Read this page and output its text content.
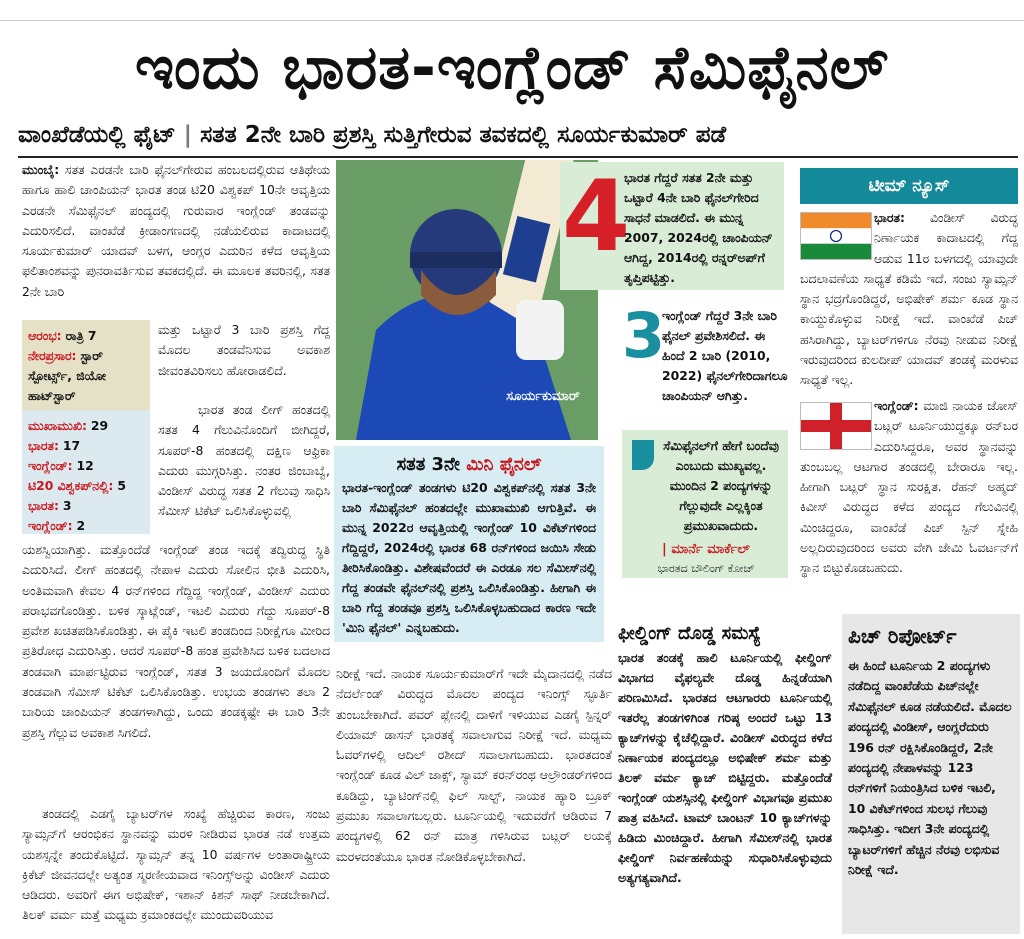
ಇಂದು ಭಾರತ-ಇಂಗ್ಲೆಂಡ್ ಸೆಮಿಫೈನಲ್
ವಾಂಖೆಡೆಯಲ್ಲಿ ಫೈಟ್ | ಸತತ 2ನೇ ಬಾರಿ ಪ್ರಶಸ್ತಿ ಸುತ್ತಿಗೇರುವ ತವಕದಲ್ಲಿ ಸೂರ್ಯಕುಮಾರ್ ಪಡೆ
ಮುಂಬೈ: ಸತತ ಎರಡನೇ ಬಾರಿ ಫೈನಲ್‌ಗೇರುವ ಹಂಬಲದಲ್ಲಿರುವ ಆತಿಥೇಯ ಹಾಗೂ ಹಾಲಿ ಚಾಂಪಿಯನ್ ಭಾರತ ತಂಡ ಟಿ20 ವಿಶ್ವಕಪ್ 10ನೇ ಆವೃತ್ತಿಯ ಎರಡನೇ ಸೆಮಿಫೈನಲ್ ಪಂದ್ಯದಲ್ಲಿ ಗುರುವಾರ ಇಂಗ್ಲೆಂಡ್ ತಂಡವನ್ನು ಎದುರಿಸಲಿದೆ. ವಾಂಖೆಡೆ ಕ್ರೀಡಾಂಗಣದಲ್ಲಿ ನಡೆಯಲಿರುವ ಕಾದಾಟದಲ್ಲಿ ಸೂರ್ಯಕುಮಾರ್ ಯಾದವ್ ಬಳಗ, ಆಂಗ್ಲರ ಎದುರಿನ ಕಳೆದ ಆವೃತ್ತಿಯ ಫಲಿತಾಂಶವನ್ನು ಪುನರಾವರ್ತಿಸುವ ತವಕದಲ್ಲಿದೆ. ಈ ಮೂಲಕ ತವರಿನಲ್ಲಿ, ಸತತ 2ನೇ ಬಾರಿ
ಆರಂಭ: ರಾತ್ರಿ 7
ನೇರಪ್ರಸಾರ: ಸ್ಟಾರ್ ಸ್ಪೋರ್ಟ್ಸ್, ಜಿಯೋ ಹಾಟ್‌ಸ್ಟಾರ್
ಮುಖಾಮುಖಿ: 29
ಭಾರತ: 17
ಇಂಗ್ಲೆಂಡ್: 12
ಟಿ20 ವಿಶ್ವಕಪ್‌ನಲ್ಲಿ: 5
ಭಾರತ: 3
ಇಂಗ್ಲೆಂಡ್: 2
ಮತ್ತು ಒಟ್ಟಾರೆ 3 ಬಾರಿ ಪ್ರಶಸ್ತಿ ಗೆದ್ದ ಮೊದಲ ತಂಡವೆನಿಸುವ ಅವಕಾಶ ಜೀವಂತವಿರಿಸಲು ಹೋರಾಡಲಿದೆ.
ಭಾರತ ತಂಡ ಲೀಗ್ ಹಂತದಲ್ಲಿ ಸತತ 4 ಗೆಲುವಿನೊಂದಿಗೆ ಬೀಗಿದ್ದರೆ, ಸೂಪರ್-8 ಹಂತದಲ್ಲಿ ದಕ್ಷಿಣ ಆಫ್ರಿಕಾ ಎದುರು ಮುಗ್ಗರಿಸಿತ್ತು. ನಂತರ ಜಿಂಬಾಬ್ವೆ, ವಿಂಡೀಸ್ ವಿರುದ್ಧ ಸತತ 2 ಗೆಲುವು ಸಾಧಿಸಿ ಸೆಮೀಸ್ ಟಿಕೆಟ್ ಒಲಿಸಿಕೊಳ್ಳುವಲ್ಲಿ
ಯಶಸ್ವಿಯಾಗಿತ್ತು. ಮತ್ತೊಂದೆಡೆ ಇಂಗ್ಲೆಂಡ್ ತಂಡ ಇದಕ್ಕೆ ತದ್ವಿರುದ್ಧ ಸ್ಥಿತಿ ಎದುರಿಸಿದೆ. ಲೀಗ್ ಹಂತದಲ್ಲಿ ನೇಪಾಳ ಎದುರು ಸೋಲಿನ ಭೀತಿ ಎದುರಿಸಿ, ಅಂತಿಮವಾಗಿ ಕೇವಲ 4 ರನ್‌ಗಳಿಂದ ಗೆದ್ದಿದ್ದ ಇಂಗ್ಲೆಂಡ್, ವಿಂಡೀಸ್ ಎದುರು ಪರಾಭವಗೊಂಡಿತ್ತು. ಬಳಿಕ ಸ್ಕಾಟ್ಲೆಂಡ್, ಇಟಲಿ ಎದುರು ಗೆದ್ದು ಸೂಪರ್-8 ಪ್ರವೇಶ ಖಚಿತಪಡಿಸಿಕೊಂಡಿತ್ತು. ಈ ಪೈಕಿ ಇಟಲಿ ತಂಡದಿಂದ ನಿರೀಕ್ಷೆಗೂ ಮೀರಿದ ಪ್ರತಿರೋಧ ಎದುರಿಸಿತ್ತು. ಆದರೆ ಸೂಪರ್-8 ಹಂತ ಪ್ರವೇಶಿಸಿದ ಬಳಿಕ ಬದಲಾದ ತಂಡವಾಗಿ ಮಾರ್ಪಟ್ಟಿರುವ ಇಂಗ್ಲೆಂಡ್, ಸತತ 3 ಜಯದೊಂದಿಗೆ ಮೊದಲ ತಂಡವಾಗಿ ಸೆಮೀಸ್ ಟಿಕೆಟ್ ಒಲಿಸಿಕೊಂಡಿತ್ತು. ಉಭಯ ತಂಡಗಳು ತಲಾ 2 ಬಾರಿಯ ಚಾಂಪಿಯನ್ ತಂಡಗಳಾಗಿದ್ದು, ಒಂದು ತಂಡಕ್ಕಷ್ಟೇ ಈ ಬಾರಿ 3ನೇ ಪ್ರಶಸ್ತಿ ಗೆಲ್ಲುವ ಅವಕಾಶ ಸಿಗಲಿದೆ.
ತಂಡದಲ್ಲಿ ಎಡಗೈ ಬ್ಯಾಟರ್‌ಗಳ ಸಂಖ್ಯೆ ಹೆಚ್ಚಿರುವ ಕಾರಣ, ಸಂಜು ಸ್ಯಾಮ್ಸನ್‌ಗೆ ಆರಂಭಿಕನ ಸ್ಥಾನವನ್ನು ಮರಳಿ ನೀಡಿರುವ ಭಾರತ ನಡೆ ಉತ್ತಮ ಯಶಸ್ಸನ್ನೇ ತಂದುಕೊಟ್ಟಿದೆ. ಸ್ಯಾಮ್ಸನ್ ತನ್ನ 10 ವರ್ಷಗಳ ಅಂತಾರಾಷ್ಟ್ರೀಯ ಕ್ರಿಕೆಟ್ ಜೀವನದಲ್ಲೇ ಅತ್ಯಂತ ಸ್ಮರಣೀಯವಾದ ಇನಿಂಗ್ಸ್‌ಅನ್ನು ವಿಂಡೀಸ್ ಎದುರು ಆಡಿದರು. ಅವರಿಗೆ ಈಗ ಅಭಿಷೇಕ್, ಇಶಾನ್ ಕಿಶನ್ ಸಾಥ್ ನೀಡಬೇಕಾಗಿದೆ. ತಿಲಕ್ ವರ್ಮ ಮತ್ತೆ ಮಧ್ಯಮ ಕ್ರಮಾಂಕದಲ್ಲೇ ಮುಂದುವರಿಯುವ
ನಿರೀಕ್ಷೆ ಇದೆ. ನಾಯಕ ಸೂರ್ಯಕುಮಾರ್‌ಗೆ ಇದೇ ಮೈದಾನದಲ್ಲಿ ನಡೆದ ನೆದರ್ಲೆಂಡ್ ವಿರುದ್ಧದ ಮೊದಲ ಪಂದ್ಯದ ಇನಿಂಗ್ಸ್ ಸ್ಫೂರ್ತಿ ತುಂಬಬೇಕಾಗಿದೆ. ಪವರ್ ಪ್ಲೇನಲ್ಲಿ ದಾಳಿಗೆ ಇಳಿಯುವ ಎಡಗೈ ಸ್ಪಿನ್ನರ್ ಲಿಯಾಮ್ ಡಾಸನ್ ಭಾರತಕ್ಕೆ ಸವಾಲಾಗುವ ನಿರೀಕ್ಷೆ ಇದೆ. ಮಧ್ಯಮ ಓವರ್‌ಗಳಲ್ಲಿ ಆದಿಲ್ ರಶೀದ್ ಸವಾಲಾಗಬಹುದು. ಭಾರತದಂತೆ ಇಂಗ್ಲೆಂಡ್ ಕೂಡ ವಿಲ್ ಜಾಕ್ಸ್, ಸ್ಯಾಮ್ ಕರನ್‌ರಂಥ ಆಲ್ರೌಂಡರ್‌ಗಳಿಂದ ಕೂಡಿದ್ದು, ಬ್ಯಾಟಿಂಗ್‌ನಲ್ಲಿ ಫಿಲ್ ಸಾಲ್ಟ್, ನಾಯಕ ಹ್ಯಾರಿ ಬ್ರೂಕ್ ಪ್ರಮುಖ ಸವಾಲಾಗಬಲ್ಲರು. ಟೂರ್ನಿಯಲ್ಲಿ ಇದುವರೆಗೆ ಆಡಿರುವ 7 ಪಂದ್ಯಗಳಲ್ಲಿ 62 ರನ್ ಮಾತ್ರ ಗಳಿಸಿರುವ ಬಟ್ಲರ್ ಲಯಕ್ಕೆ ಮರಳದಂತೆಯೂ ಭಾರತ ನೋಡಿಕೊಳ್ಳಬೇಕಾಗಿದೆ.
ಸೂರ್ಯಕುಮಾರ್
4
ಭಾರತ ಗೆದ್ದರೆ ಸತತ 2ನೇ ಮತ್ತು ಒಟ್ಟಾರೆ 4ನೇ ಬಾರಿ ಫೈನಲ್‌ಗೇರಿದ ಸಾಧನೆ ಮಾಡಲಿದೆ. ಈ ಮುನ್ನ 2007, 2024ರಲ್ಲಿ ಚಾಂಪಿಯನ್ ಆಗಿದ್ದ, 2014ರಲ್ಲಿ ರನ್ನರ್‌ಅಪ್‌ಗೆ ತೃಪ್ತಿಪಟ್ಟಿತ್ತು.
3
ಇಂಗ್ಲೆಂಡ್ ಗೆದ್ದರೆ 3ನೇ ಬಾರಿ ಫೈನಲ್ ಪ್ರವೇಶಿಸಲಿದೆ. ಈ ಹಿಂದೆ 2 ಬಾರಿ (2010, 2022) ಫೈನಲ್‌ಗೇರಿದಾಗಲೂ ಚಾಂಪಿಯನ್ ಆಗಿತ್ತು.
ಸೆಮಿಫೈನಲ್‌ಗೆ ಹೇಗೆ ಬಂದೆವು ಎಂಬುದು ಮುಖ್ಯವಲ್ಲ. ಮುಂದಿನ 2 ಪಂದ್ಯಗಳನ್ನು ಗೆಲ್ಲುವುದೇ ಎಲ್ಲಕ್ಕಿಂತ ಪ್ರಮುಖವಾದುದು.
| ಮಾರ್ನೆ ಮಾರ್ಕೆಲ್
ಭಾರತದ ಬೌಲಿಂಗ್ ಕೋಚ್
ಸತತ 3ನೇ ಮಿನಿ ಫೈನಲ್
ಭಾರತ-ಇಂಗ್ಲೆಂಡ್ ತಂಡಗಳು ಟಿ20 ವಿಶ್ವಕಪ್‌ನಲ್ಲಿ ಸತತ 3ನೇ ಬಾರಿ ಸೆಮಿಫೈನಲ್ ಹಂತದಲ್ಲೇ ಮುಖಾಮುಖಿ ಆಗುತ್ತಿವೆ. ಈ ಮುನ್ನ 2022ರ ಆವೃತ್ತಿಯಲ್ಲಿ ಇಂಗ್ಲೆಂಡ್ 10 ವಿಕೆಟ್‌ಗಳಿಂದ ಗೆದ್ದಿದ್ದರೆ, 2024ರಲ್ಲಿ ಭಾರತ 68 ರನ್‌ಗಳಿಂದ ಜಯಿಸಿ ಸೇಡು ತೀರಿಸಿಕೊಂಡಿತ್ತು. ವಿಶೇಷವೆಂದರೆ ಈ ಎರಡೂ ಸಲ ಸೆಮೀಸ್‌ನಲ್ಲಿ ಗೆದ್ದ ತಂಡವೇ ಫೈನಲ್‌ನಲ್ಲಿ ಪ್ರಶಸ್ತಿ ಒಲಿಸಿಕೊಂಡಿತ್ತು. ಹೀಗಾಗಿ ಈ ಬಾರಿ ಗೆದ್ದ ತಂಡವೂ ಪ್ರಶಸ್ತಿ ಒಲಿಸಿಕೊಳ್ಳಬಹುದಾದ ಕಾರಣ ಇದೇ 'ಮಿನಿ ಫೈನಲ್' ಎನ್ನಬಹುದು.
ಟೀಮ್ ನ್ಯೂಸ್
ಭಾರತ: ವಿಂಡೀಸ್ ವಿರುದ್ಧ ನಿರ್ಣಾಯಕ ಕಾದಾಟದಲ್ಲಿ ಗೆದ್ದ ಆಡುವ 11ರ ಬಳಗದಲ್ಲಿ ಯಾವುದೇ ಬದಲಾವಣೆಯ ಸಾಧ್ಯತೆ ಕಡಿಮೆ ಇದೆ. ಸಂಜು ಸ್ಯಾಮ್ಸನ್ ಸ್ಥಾನ ಭದ್ರಗೊಂಡಿದ್ದರೆ, ಅಭಿಷೇಕ್ ಶರ್ಮ ಕೂಡ ಸ್ಥಾನ ಕಾಯ್ದುಕೊಳ್ಳುವ ನಿರೀಕ್ಷೆ ಇದೆ. ವಾಂಖೆಡೆ ಪಿಚ್ ಹಸಿರಾಗಿದ್ದು, ಬ್ಯಾಟರ್‌ಗಳಿಗೂ ನೆರವು ನೀಡುವ ನಿರೀಕ್ಷೆ ಇರುವುದರಿಂದ ಕುಲದೀಪ್ ಯಾದವ್ ತಂಡಕ್ಕೆ ಮರಳುವ ಸಾಧ್ಯತೆ ಇಲ್ಲ.
ಇಂಗ್ಲೆಂಡ್: ಮಾಜಿ ನಾಯಕ ಜೋಸ್ ಬಟ್ಲರ್ ಟೂರ್ನಿಯುದ್ದಕ್ಕೂ ರನ್‌ಬರ ಎದುರಿಸಿದ್ದರೂ, ಅವರ ಸ್ಥಾನವನ್ನು ತುಂಬಬಲ್ಲ ಆಟಗಾರ ತಂಡದಲ್ಲಿ ಬೇರಾರೂ ಇಲ್ಲ. ಹೀಗಾಗಿ ಬಟ್ಲರ್ ಸ್ಥಾನ ಸುರಕ್ಷಿತ. ರೆಹನ್ ಅಹ್ಮದ್ ಕಿವೀಸ್ ವಿರುದ್ಧದ ಕಳೆದ ಪಂದ್ಯದ ಗೆಲುವಿನಲ್ಲಿ ಮಿಂಚಿದ್ದರೂ, ವಾಂಖೆಡೆ ಪಿಚ್ ಸ್ಪಿನ್ ಸ್ನೇಹಿ ಅಲ್ಲದಿರುವುದರಿಂದ ಅವರು ವೇಗಿ ಜೇಮಿ ಓವರ್ಟನ್‌ಗೆ ಸ್ಥಾನ ಬಿಟ್ಟುಕೊಡಬಹುದು.
ಫೀಲ್ಡಿಂಗ್ ದೊಡ್ಡ ಸಮಸ್ಯೆ
ಭಾರತ ತಂಡಕ್ಕೆ ಹಾಲಿ ಟೂರ್ನಿಯಲ್ಲಿ ಫೀಲ್ಡಿಂಗ್ ವಿಭಾಗದ ವೈಫಲ್ಯವೇ ದೊಡ್ಡ ಹಿನ್ನಡೆಯಾಗಿ ಪರಿಣಮಿಸಿದೆ. ಭಾರತದ ಆಟಗಾರರು ಟೂರ್ನಿಯಲ್ಲಿ ಇತರೆಲ್ಲ ತಂಡಗಳಿಗಿಂತ ಗರಿಷ್ಠ ಅಂದರೆ ಒಟ್ಟು 13 ಕ್ಯಾಚ್‌ಗಳನ್ನು ಕೈಚೆಲ್ಲಿದ್ದಾರೆ. ವಿಂಡೀಸ್ ವಿರುದ್ಧದ ಕಳೆದ ನಿರ್ಣಾಯಕ ಪಂದ್ಯದಲ್ಲೂ ಅಭಿಷೇಕ್ ಶರ್ಮ ಮತ್ತು ತಿಲಕ್ ವರ್ಮ ಕ್ಯಾಚ್ ಬಿಟ್ಟಿದ್ದರು. ಮತ್ತೊಂದೆಡೆ ಇಂಗ್ಲೆಂಡ್ ಯಶಸ್ಸಿನಲ್ಲಿ ಫೀಲ್ಡಿಂಗ್ ವಿಭಾಗವೂ ಪ್ರಮುಖ ಪಾತ್ರ ವಹಿಸಿದೆ. ಟಾಮ್ ಬಾಂಟನ್ 10 ಕ್ಯಾಚ್‌ಗಳನ್ನು ಹಿಡಿದು ಮಿಂಚಿದ್ದಾರೆ. ಹೀಗಾಗಿ ಸೆಮೀಸ್‌ನಲ್ಲಿ ಭಾರತ ಫೀಲ್ಡಿಂಗ್ ನಿರ್ವಹಣೆಯನ್ನು ಸುಧಾರಿಸಿಕೊಳ್ಳುವುದು ಅತ್ಯಗತ್ಯವಾಗಿದೆ.
ಪಿಚ್ ರಿಪೋರ್ಟ್
ಈ ಹಿಂದೆ ಟೂರ್ನಿಯ 2 ಪಂದ್ಯಗಳು ನಡೆದಿದ್ದ ವಾಂಖೆಡೆಯ ಪಿಚ್‌ನಲ್ಲೇ ಸೆಮಿಫೈನಲ್ ಕೂಡ ನಡೆಯಲಿದೆ. ಮೊದಲ ಪಂದ್ಯದಲ್ಲಿ ವಿಂಡೀಸ್, ಆಂಗ್ಲರೆದುರು 196 ರನ್ ರಕ್ಷಿಸಿಕೊಂಡಿದ್ದರೆ, 2ನೇ ಪಂದ್ಯದಲ್ಲಿ ನೇಪಾಳವನ್ನು 123 ರನ್‌ಗಳಿಗೆ ನಿಯಂತ್ರಿಸಿದ ಬಳಿಕ ಇಟಲಿ, 10 ವಿಕೆಟ್‌ಗಳಿಂದ ಸುಲಭ ಗೆಲುವು ಸಾಧಿಸಿತ್ತು. ಇದೀಗ 3ನೇ ಪಂದ್ಯದಲ್ಲಿ ಬ್ಯಾಟರ್‌ಗಳಿಗೆ ಹೆಚ್ಚಿನ ನೆರವು ಲಭಿಸುವ ನಿರೀಕ್ಷೆ ಇದೆ.
